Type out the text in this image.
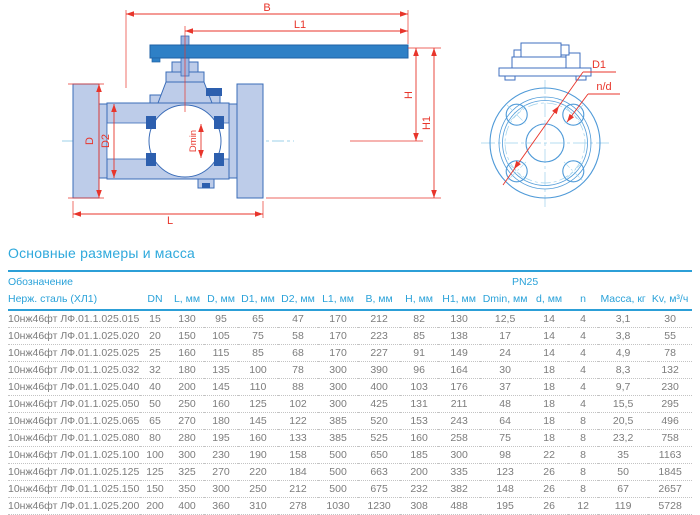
B
L1
H
H1
D D2	Dmin
L
D1
n/d
Основные размеры и масса
Обозначение							PN25							
Нерж. сталь (ХЛ1)	DN	L, мм	D, мм	D1, мм	D2, мм	L1, мм	B, мм	H, мм	H1, мм	Dmin, мм	d, мм	n	Масса, кг	Kv, м³/ч
10нж46фт ЛФ.01.1.025.015	15	130	95	65	47	170	212	82	130	12,5	14	4	3,1	30
10нж46фт ЛФ.01.1.025.020	20	150	105	75	58	170	223	85	138	17	14	4	3,8	55
10нж46фт ЛФ.01.1.025.025	25	160	115	85	68	170	227	91	149	24	14	4	4,9	78
10нж46фт ЛФ.01.1.025.032	32	180	135	100	78	300	390	96	164	30	18	4	8,3	132
10нж46фт ЛФ.01.1.025.040	40	200	145	110	88	300	400	103	176	37	18	4	9,7	230
10нж46фт ЛФ.01.1.025.050	50	250	160	125	102	300	425	131	211	48	18	4	15,5	295
10нж46фт ЛФ.01.1.025.065	65	270	180	145	122	385	520	153	243	64	18	8	20,5	496
10нж46фт ЛФ.01.1.025.080	80	280	195	160	133	385	525	160	258	75	18	8	23,2	758
10нж46фт ЛФ.01.1.025.100	100	300	230	190	158	500	650	185	300	98	22	8	35	1163
10нж46фт ЛФ.01.1.025.125	125	325	270	220	184	500	663	200	335	123	26	8	50	1845
10нж46фт ЛФ.01.1.025.150	150	350	300	250	212	500	675	232	382	148	26	8	67	2657
10нж46фт ЛФ.01.1.025.200	200	400	360	310	278	1030	1230	308	488	195	26	12	119	5728
